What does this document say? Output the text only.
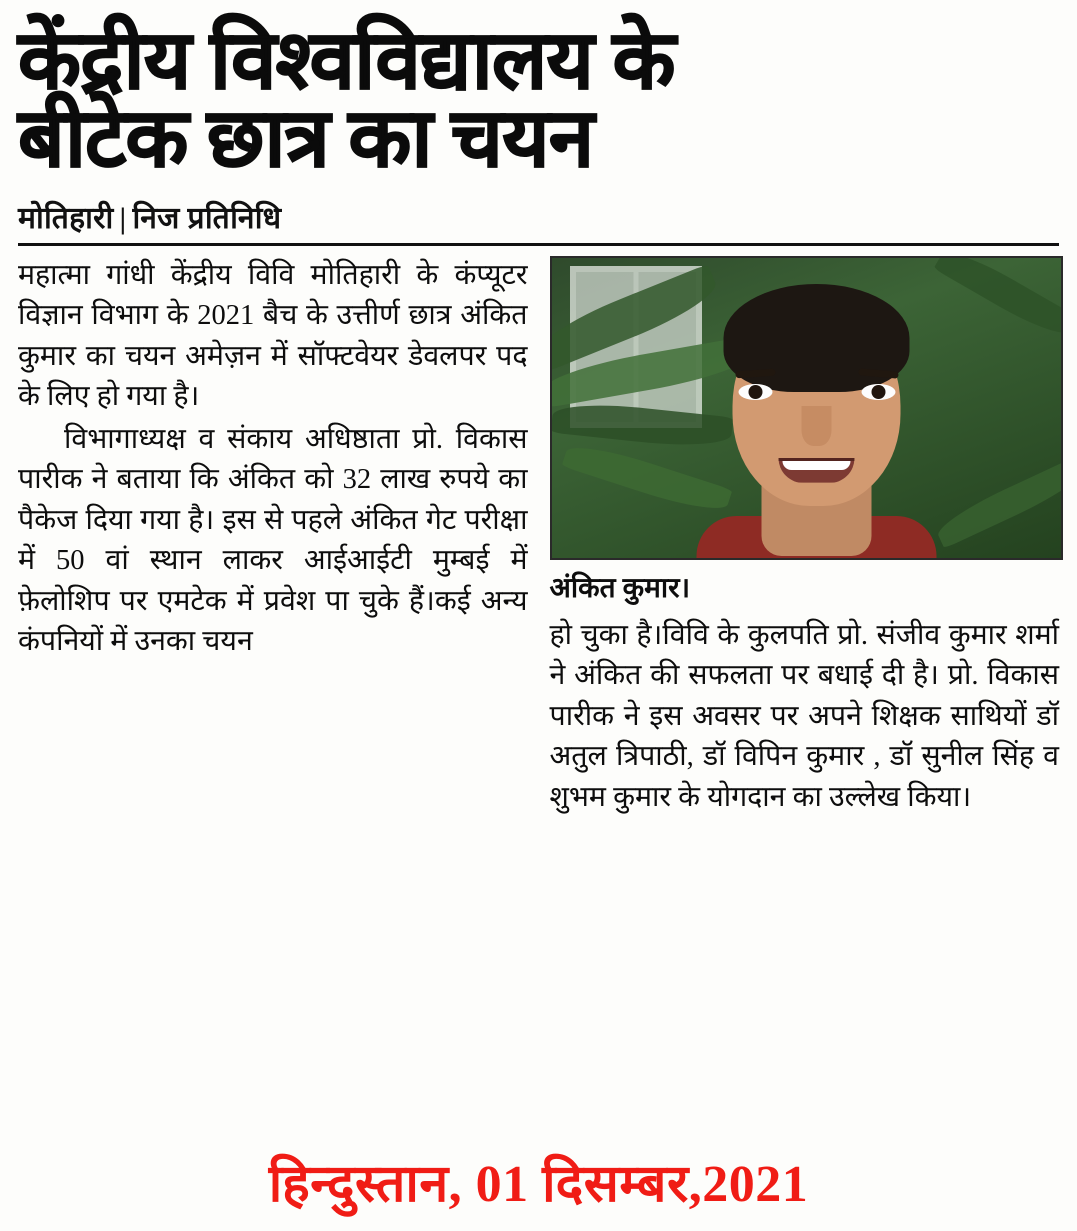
केंद्रीय विश्वविद्यालय के
बीटेक छात्र का चयन
मोतिहारी | निज प्रतिनिधि

महात्मा गांधी केंद्रीय विवि मोतिहारी के कंप्यूटर विज्ञान विभाग के 2021 बैच के उत्तीर्ण छात्र अंकित कुमार का चयन अमेज़न में सॉफ्टवेयर डेवलपर पद के लिए हो गया है।

विभागाध्यक्ष व संकाय अधिष्ठाता प्रो. विकास पारीक ने बताया कि अंकित को 32 लाख रुपये का पैकेज दिया गया है। इस से पहले अंकित गेट परीक्षा में 50 वां स्थान लाकर आईआईटी मुम्बई में फ़ेलोशिप पर एमटेक में प्रवेश पा चुके हैं।कई अन्य कंपनियों में उनका चयन

अंकित कुमार।

हो चुका है।विवि के कुलपति प्रो. संजीव कुमार शर्मा ने अंकित की सफलता पर बधाई दी है। प्रो. विकास पारीक ने इस अवसर पर अपने शिक्षक साथियों डॉ अतुल त्रिपाठी, डॉ विपिन कुमार , डॉ सुनील सिंह व शुभम कुमार के योगदान का उल्लेख किया।

हिन्दुस्तान, 01 दिसम्बर,2021
